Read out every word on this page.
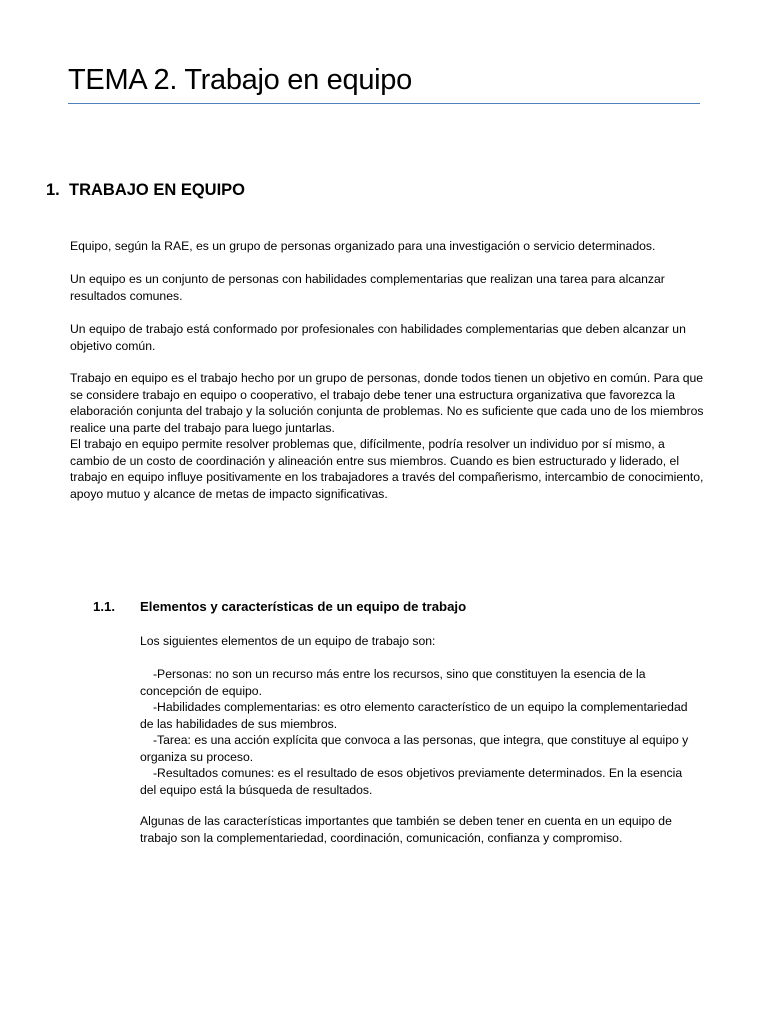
TEMA 2. Trabajo en equipo
1. TRABAJO EN EQUIPO

Equipo, según la RAE, es un grupo de personas organizado para una investigación o servicio determinados.

Un equipo es un conjunto de personas con habilidades complementarias que realizan una tarea para alcanzar resultados comunes.

Un equipo de trabajo está conformado por profesionales con habilidades complementarias que deben alcanzar un objetivo común.

Trabajo en equipo es el trabajo hecho por un grupo de personas, donde todos tienen un objetivo en común. Para que se considere trabajo en equipo o cooperativo, el trabajo debe tener una estructura organizativa que favorezca la elaboración conjunta del trabajo y la solución conjunta de problemas. No es suficiente que cada uno de los miembros realice una parte del trabajo para luego juntarlas.

El trabajo en equipo permite resolver problemas que, difícilmente, podría resolver un individuo por sí mismo, a cambio de un costo de coordinación y alineación entre sus miembros. Cuando es bien estructurado y liderado, el trabajo en equipo influye positivamente en los trabajadores a través del compañerismo, intercambio de conocimiento, apoyo mutuo y alcance de metas de impacto significativas.

1.1. Elementos y características de un equipo de trabajo

Los siguientes elementos de un equipo de trabajo son:

-Personas: no son un recurso más entre los recursos, sino que constituyen la esencia de la concepción de equipo.

-Habilidades complementarias: es otro elemento característico de un equipo la complementariedad de las habilidades de sus miembros.

-Tarea: es una acción explícita que convoca a las personas, que integra, que constituye al equipo y organiza su proceso.

-Resultados comunes: es el resultado de esos objetivos previamente determinados. En la esencia del equipo está la búsqueda de resultados.

Algunas de las características importantes que también se deben tener en cuenta en un equipo de trabajo son la complementariedad, coordinación, comunicación, confianza y compromiso.
